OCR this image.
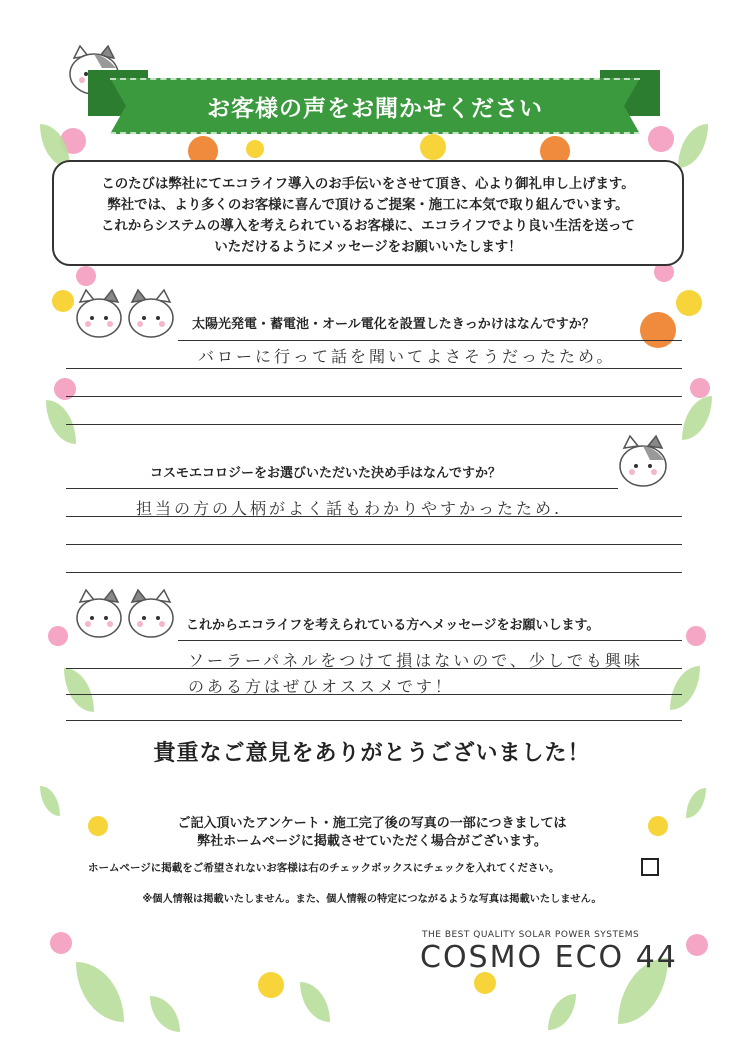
お客様の声をお聞かせください
このたびは弊社にてエコライフ導入のお手伝いをさせて頂き、心より御礼申し上げます。
弊社では、より多くのお客様に喜んで頂けるご提案・施工に本気で取り組んでいます。
これからシステムの導入を考えられているお客様に、エコライフでより良い生活を送って
いただけるようにメッセージをお願いいたします！
太陽光発電・蓄電池・オール電化を設置したきっかけはなんですか？
バローに行って話を聞いてよさそうだったため。
コスモエコロジーをお選びいただいた決め手はなんですか？
担当の方の人柄がよく話もわかりやすかったため.
これからエコライフを考えられている方へメッセージをお願いします。
ソーラーパネルをつけて損はないので、少しでも興味
のある方はぜひオススメです！
貴重なご意見をありがとうございました！
ご記入頂いたアンケート・施工完了後の写真の一部につきましては
弊社ホームページに掲載させていただく場合がございます。
ホームページに掲載をご希望されないお客様は右のチェックボックスにチェックを入れてください。
※個人情報は掲載いたしません。また、個人情報の特定につながるような写真は掲載いたしません。
THE BEST QUALITY SOLAR POWER SYSTEMS
COSMO ECO 44
